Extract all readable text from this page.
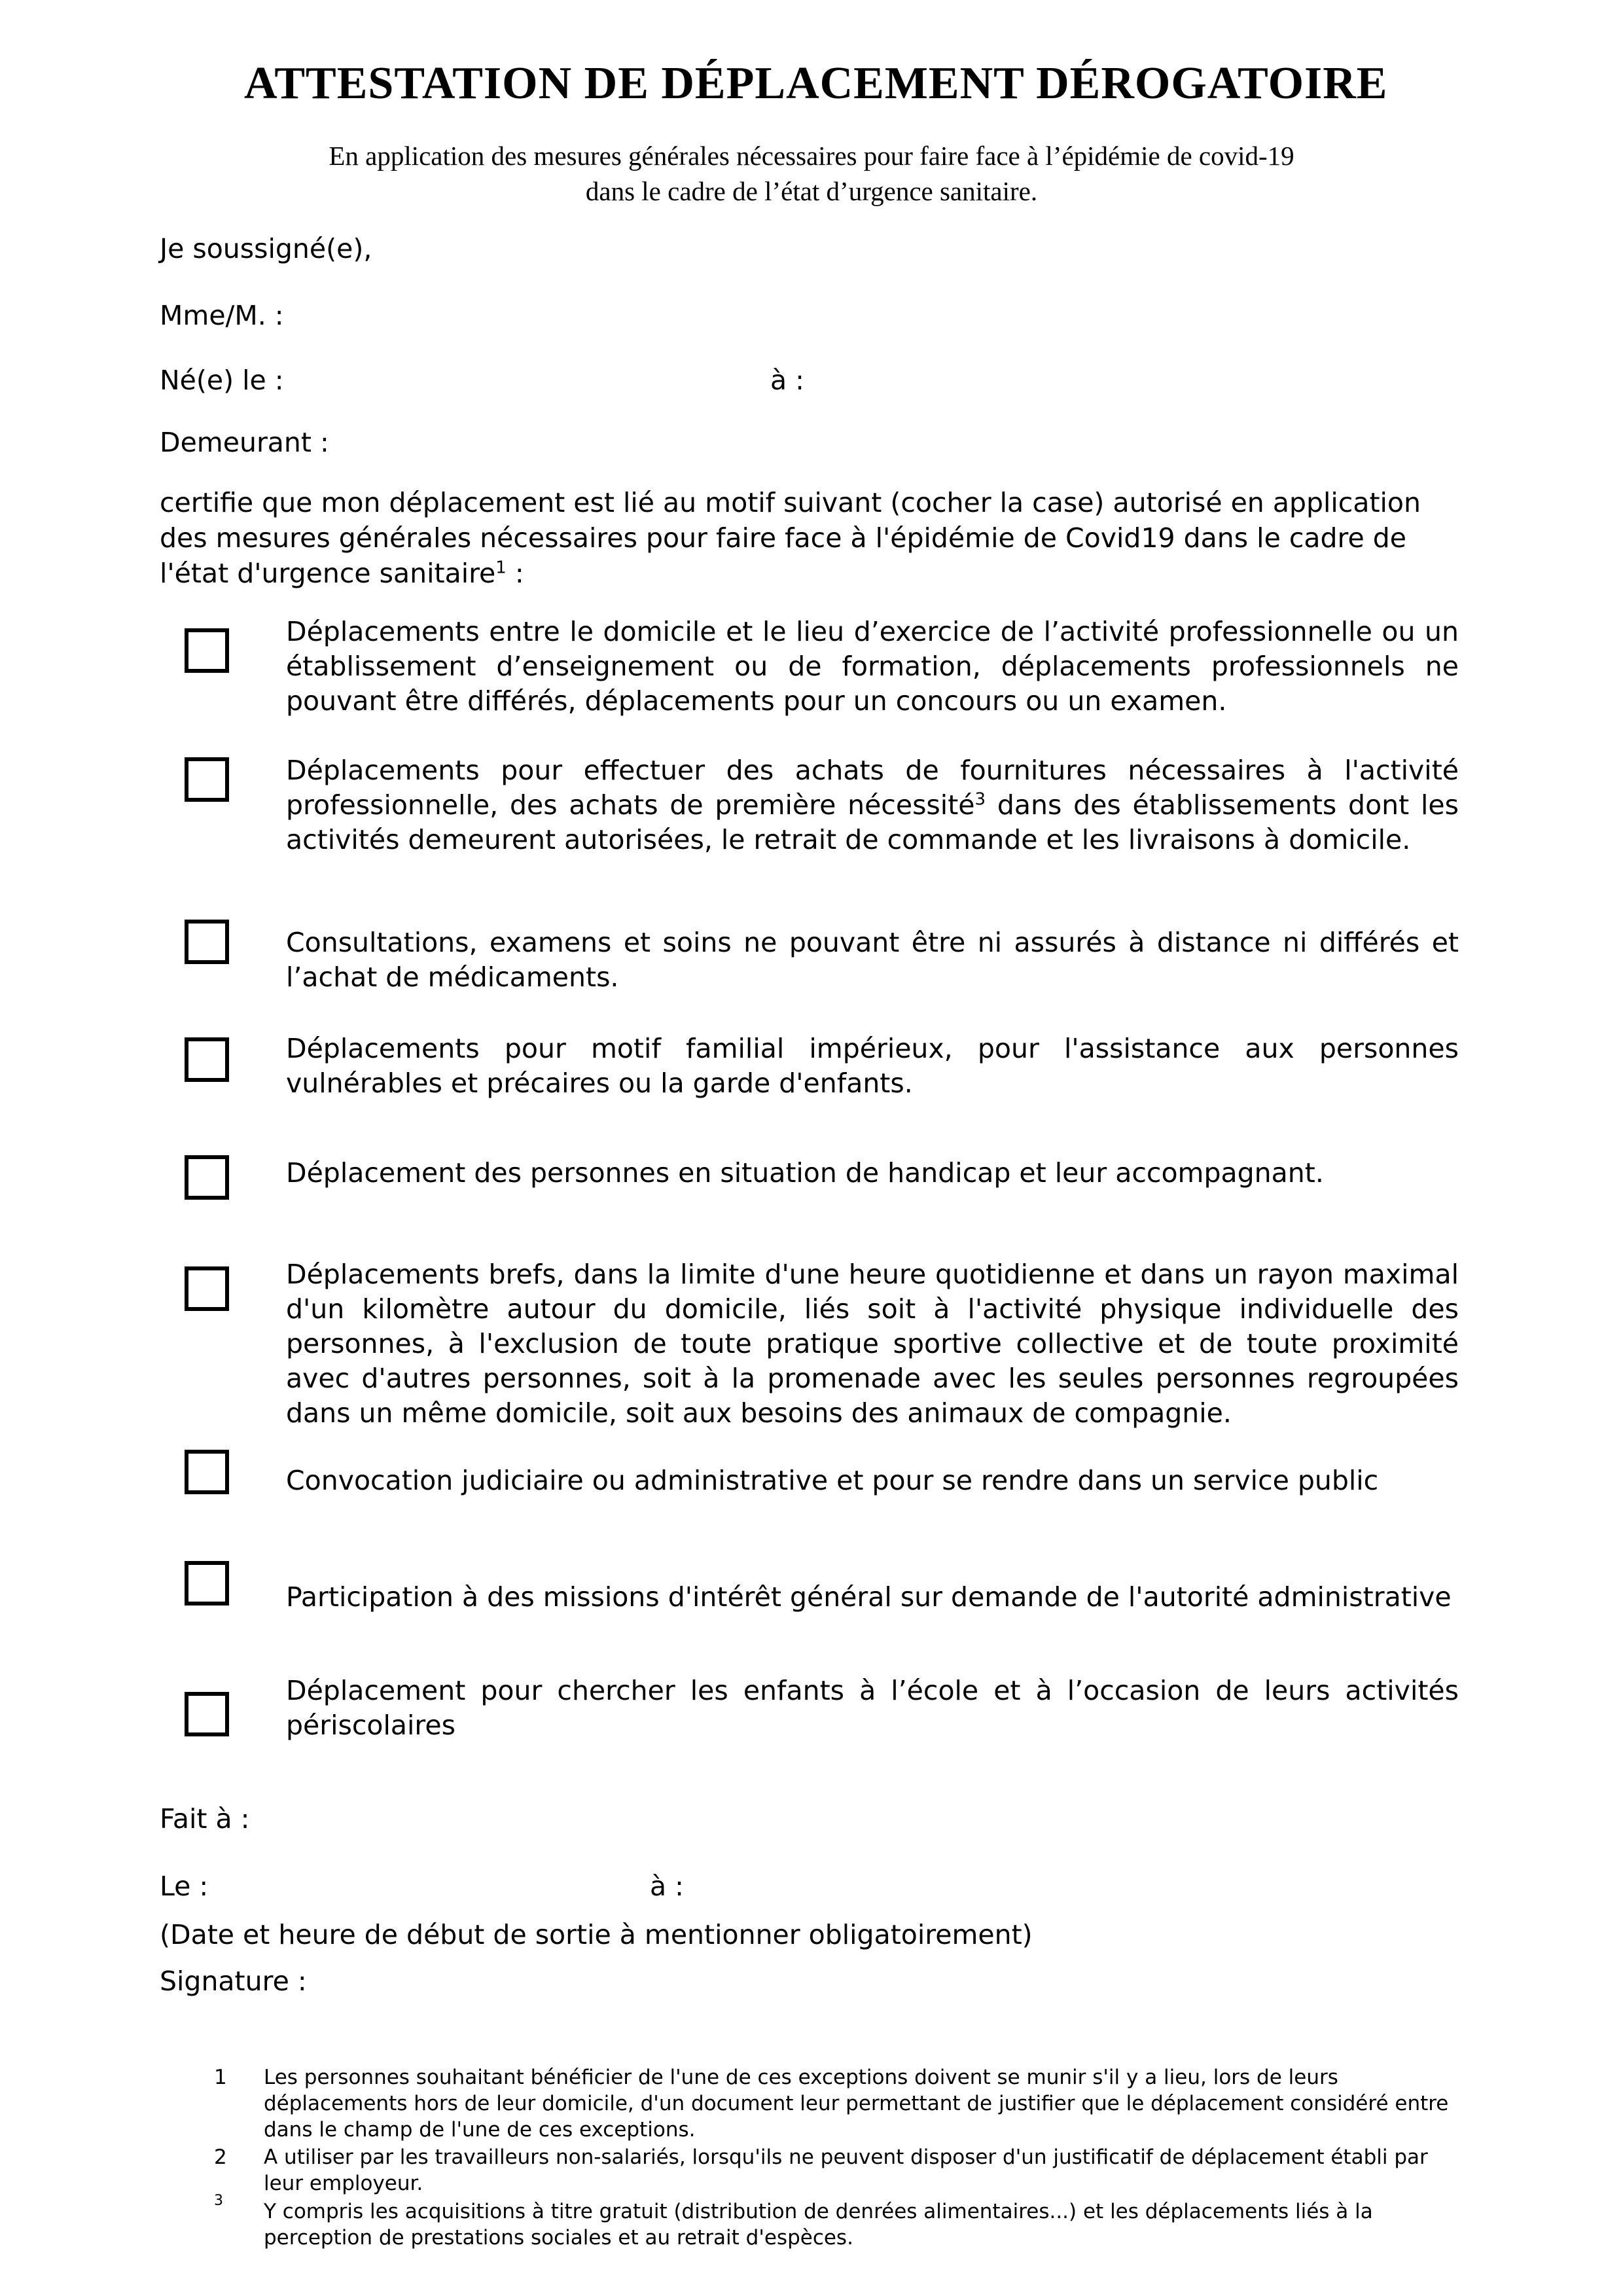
ATTESTATION DE DÉPLACEMENT DÉROGATOIRE
En application des mesures générales nécessaires pour faire face à l’épidémie de covid-19
dans le cadre de l’état d’urgence sanitaire.
Je soussigné(e),
Mme/M. :
Né(e) le :	à :
Demeurant :
certifie que mon déplacement est lié au motif suivant (cocher la case) autorisé en application des mesures générales nécessaires pour faire face à l'épidémie de Covid19 dans le cadre de l'état d'urgence sanitaire$^1$ :
Déplacements entre le domicile et le lieu d’exercice de l’activité professionnelle ou un établissement d’enseignement ou de formation, déplacements professionnels ne pouvant être différés, déplacements pour un concours ou un examen.
Déplacements pour effectuer des achats de fournitures nécessaires à l'activité professionnelle, des achats de première nécessité$^3$ dans des établissements dont les activités demeurent autorisées, le retrait de commande et les livraisons à domicile.
Consultations, examens et soins ne pouvant être ni assurés à distance ni différés et l’achat de médicaments.
Déplacements pour motif familial impérieux, pour l'assistance aux personnes vulnérables et précaires ou la garde d'enfants.
Déplacement des personnes en situation de handicap et leur accompagnant.
Déplacements brefs, dans la limite d'une heure quotidienne et dans un rayon maximal d'un kilomètre autour du domicile, liés soit à l'activité physique individuelle des personnes, à l'exclusion de toute pratique sportive collective et de toute proximité avec d'autres personnes, soit à la promenade avec les seules personnes regroupées dans un même domicile, soit aux besoins des animaux de compagnie.
Convocation judiciaire ou administrative et pour se rendre dans un service public
Participation à des missions d'intérêt général sur demande de l'autorité administrative
Déplacement pour chercher les enfants à l’école et à l’occasion de leurs activités périscolaires
Fait à :
Le :	à :
(Date et heure de début de sortie à mentionner obligatoirement)
Signature :
1 Les personnes souhaitant bénéficier de l'une de ces exceptions doivent se munir s'il y a lieu, lors de leurs déplacements hors de leur domicile, d'un document leur permettant de justifier que le déplacement considéré entre dans le champ de l'une de ces exceptions.
2 A utiliser par les travailleurs non-salariés, lorsqu'ils ne peuvent disposer d'un justificatif de déplacement établi par leur employeur.
3 Y compris les acquisitions à titre gratuit (distribution de denrées alimentaires...) et les déplacements liés à la perception de prestations sociales et au retrait d'espèces.
